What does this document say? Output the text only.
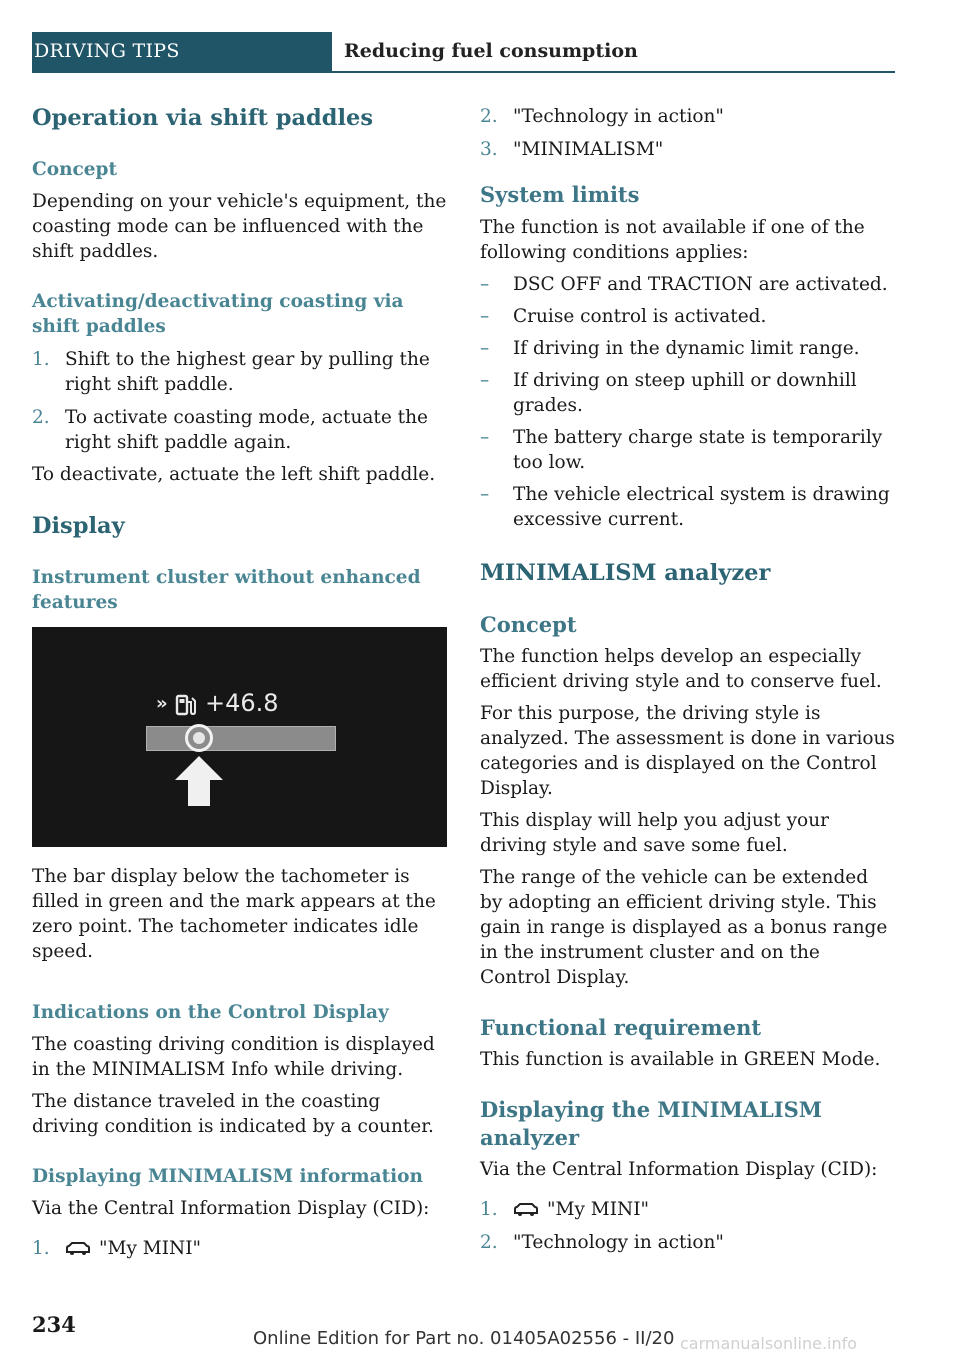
DRIVING TIPS	Reducing fuel consumption
Operation via shift paddles
Concept

Depending on your vehicle's equipment, the coasting mode can be influenced with the shift paddles.

Activating/deactivating coasting via shift paddles
1. Shift to the highest gear by pulling the right shift paddle.
2. To activate coasting mode, actuate the right shift paddle again.

To deactivate, actuate the left shift paddle.

Display
Instrument cluster without enhanced features
» +46.8

The bar display below the tachometer is filled in green and the mark appears at the zero point. The tachometer indicates idle speed.

Indications on the Control Display

The coasting driving condition is displayed in the MINIMALISM Info while driving.

The distance traveled in the coasting driving condition is indicated by a counter.

Displaying MINIMALISM information

Via the Central Information Display (CID):

1.	"My MINI"
2. "Technology in action"
3. "MINIMALISM"
System limits

The function is not available if one of the following conditions applies:

– DSC OFF and TRACTION are activated.
– Cruise control is activated.
– If driving in the dynamic limit range.
– If driving on steep uphill or downhill grades.
– The battery charge state is temporarily too low.
– The vehicle electrical system is drawing excessive current.
MINIMALISM analyzer
Concept

The function helps develop an especially efficient driving style and to conserve fuel.

For this purpose, the driving style is analyzed. The assessment is done in various categories and is displayed on the Control Display.

This display will help you adjust your driving style and save some fuel.

The range of the vehicle can be extended by adopting an efficient driving style. This gain in range is displayed as a bonus range in the instrument cluster and on the Control Display.

Functional requirement

This function is available in GREEN Mode.

Displaying the MINIMALISM analyzer

Via the Central Information Display (CID):

1.	"My MINI"
2. "Technology in action"
234
Online Edition for Part no. 01405A02556 - II/20 carmanualsonline.info
